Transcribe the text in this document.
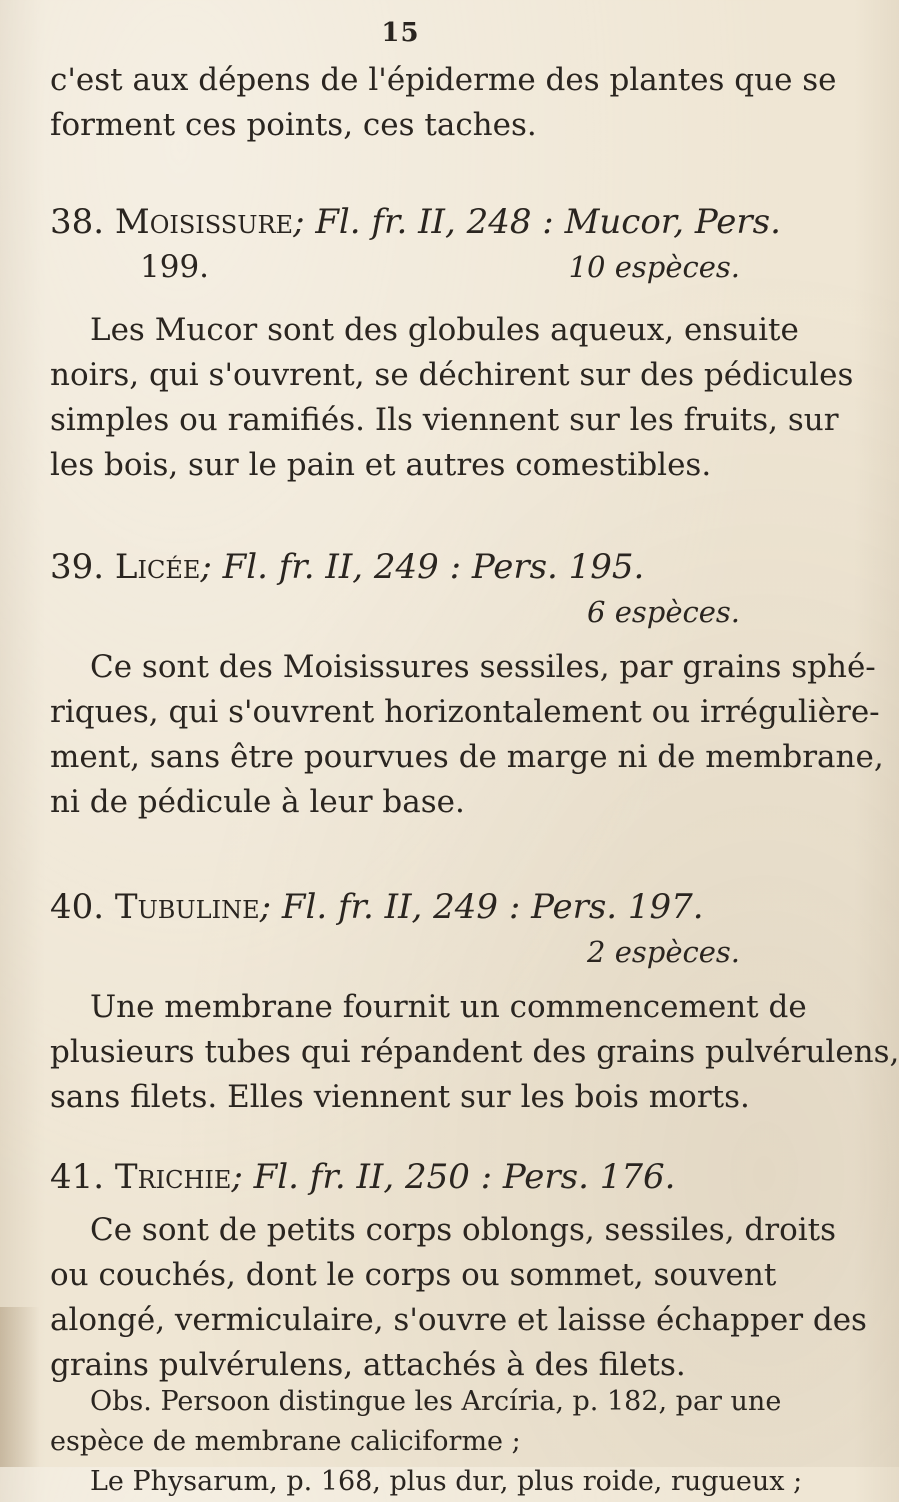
15
c'est aux dépens de l'épiderme des plantes que se
forment ces points, ces taches.
38. Moisissure; Fl. fr. II, 248 : Mucor, Pers.
199.	10 espèces.
Les Mucor sont des globules aqueux, ensuite
noirs, qui s'ouvrent, se déchirent sur des pédicules
simples ou ramifiés. Ils viennent sur les fruits, sur
les bois, sur le pain et autres comestibles.
39. Licée; Fl. fr. II, 249 : Pers. 195.
6 espèces.
Ce sont des Moisissures sessiles, par grains sphé-
riques, qui s'ouvrent horizontalement ou irrégulière-
ment, sans être pourvues de marge ni de membrane,
ni de pédicule à leur base.
40. Tubuline; Fl. fr. II, 249 : Pers. 197.
2 espèces.
Une membrane fournit un commencement de
plusieurs tubes qui répandent des grains pulvérulens,
sans filets. Elles viennent sur les bois morts.
41. Trichie; Fl. fr. II, 250 : Pers. 176.
Ce sont de petits corps oblongs, sessiles, droits
ou couchés, dont le corps ou sommet, souvent
alongé, vermiculaire, s'ouvre et laisse échapper des
grains pulvérulens, attachés à des filets.
Obs. Persoon distingue les Arcíria, p. 182, par une
espèce de membrane caliciforme ;
Le Physarum, p. 168, plus dur, plus roide, rugueux ;
